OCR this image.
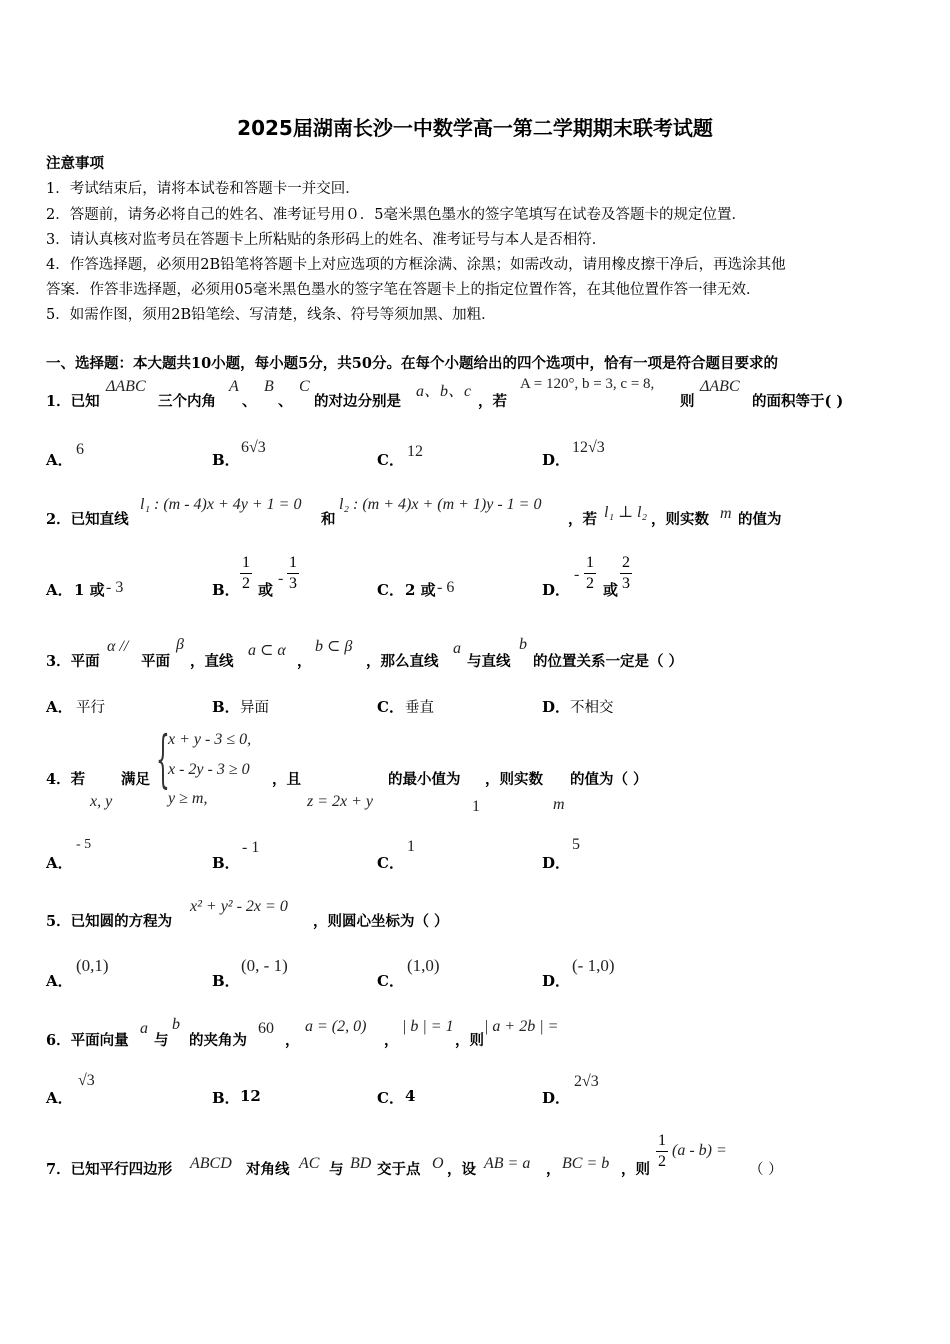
2025届湖南长沙一中数学高一第二学期期末联考试题
注意事项
1．考试结束后，请将本试卷和答题卡一并交回．
2．答题前，请务必将自己的姓名、准考证号用０．5毫米黑色墨水的签字笔填写在试卷及答题卡的规定位置．
3．请认真核对监考员在答题卡上所粘贴的条形码上的姓名、准考证号与本人是否相符．
4．作答选择题，必须用2B铅笔将答题卡上对应选项的方框涂满、涂黑；如需改动，请用橡皮擦干净后，再选涂其他
答案．作答非选择题，必须用05毫米黑色墨水的签字笔在答题卡上的指定位置作答，在其他位置作答一律无效．
5．如需作图，须用2B铅笔绘、写清楚，线条、符号等须加黑、加粗．
一、选择题：本大题共10小题，每小题5分，共50分。在每个小题给出的四个选项中，恰有一项是符合题目要求的
1．已知
ΔABC
三个内角
A
、
B
、
C
的对边分别是
a、b、c
，若
A = 120°, b = 3, c = 8,
则
ΔABC
的面积等于( )
A．
6
B．
6√3
C． 12	D．
12√3
2．已知直线
l₁ : (m - 4)x + 4y + 1 = 0
和
l₂ : (m + 4)x + (m + 1)y - 1 = 0
，若 l₁ ⊥ l₂ ，则实数 m 的值为
A． 1 或 - 3	B． $\frac{1}{2}$ 或
- $\frac{1}{3}$	C． 2 或 - 6	D．
- $\frac{1}{2}$ 或 $\frac{2}{3}$
3．平面
α //
平面
β
，直线
a ⊂ α
，
b ⊂ β
，那么直线
a
与直线
b
的位置关系一定是（ ）
A． 平行	B． 异面	C． 垂直	D． 不相交
4．若
x, y
满足 {
x + y - 3 ≤ 0,
x - 2y - 3 ≥ 0
y ≥ m,
，且
z = 2x + y
的最小值为
1
，则实数
m
的值为（ ）
A．
- 5
B．
- 1
C．
1
D．
5
5．已知圆的方程为
x² + y² - 2x = 0
，则圆心坐标为（ ）
A．
(0,1)
B．
(0, - 1)
C．
(1,0)
D．
(- 1,0)
6．平面向量
a
与
b
的夹角为
60
，
a = (2, 0)
，
| b | = 1
，则
| a + 2b | =
A．
√3
B． 12	C． 4	D．
2√3
7．已知平行四边形 ABCD 对角线 AC 与 BD 交于点 O ，设 AB = a ， BC = b ，则 $\frac{1}{2} (a - b)$ =
（ ）
